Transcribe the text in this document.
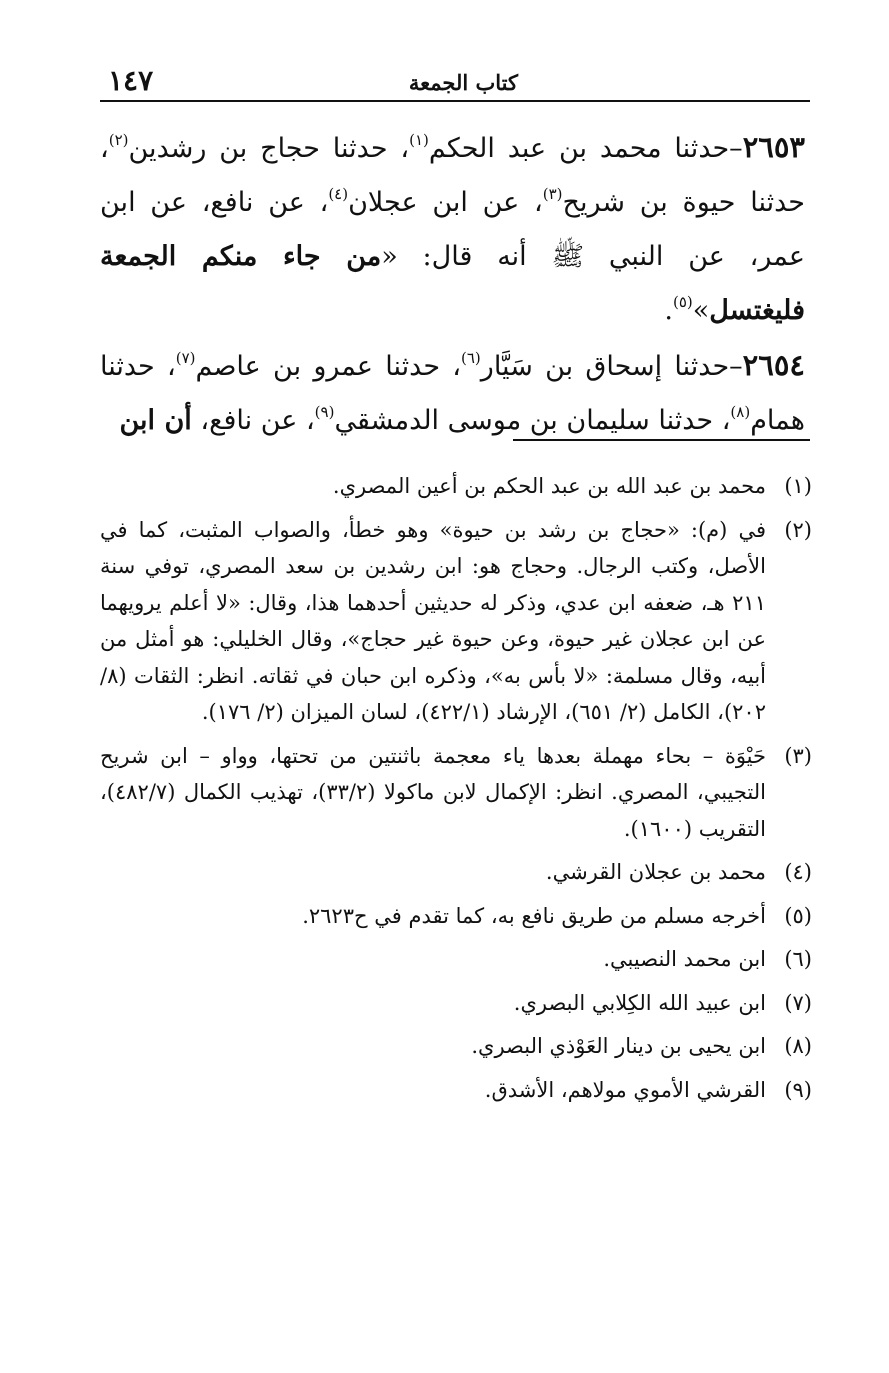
كتاب الجمعة
١٤٧

٢٦٥٣–حدثنا محمد بن عبد الحكم$^{(١)}$، حدثنا حجاج بن رشدين$^{(٢)}$، حدثنا حيوة بن شريح$^{(٣)}$، عن ابن عجلان$^{(٤)}$، عن نافع، عن ابن عمر، عن النبي ﷺ أنه قال: «من جاء منكم الجمعة فليغتسل»$^{(٥)}$.

٢٦٥٤–حدثنا إسحاق بن سَيَّار$^{(٦)}$، حدثنا عمرو بن عاصم$^{(٧)}$، حدثنا همام$^{(٨)}$، حدثنا سليمان بن موسى الدمشقي$^{(٩)}$، عن نافع، أن ابن

(١)
محمد بن عبد الله بن عبد الحكم بن أعين المصري.
(٢)
في (م): «حجاج بن رشد بن حيوة» وهو خطأ، والصواب المثبت، كما في الأصل، وكتب الرجال. وحجاج هو: ابن رشدين بن سعد المصري، توفي سنة ٢١١ هـ، ضعفه ابن عدي، وذكر له حديثين أحدهما هذا، وقال: «لا أعلم يرويهما عن ابن عجلان غير حيوة، وعن حيوة غير حجاج»، وقال الخليلي: هو أمثل من أبيه، وقال مسلمة: «لا بأس به»، وذكره ابن حبان في ثقاته. انظر: الثقات (٨/ ٢٠٢)، الكامل (٢/ ٦٥١)، الإرشاد (٤٢٢/١)، لسان الميزان (٢/ ١٧٦).
(٣)
حَيْوَة – بحاء مهملة بعدها ياء معجمة باثنتين من تحتها، وواو – ابن شريح التجيبي، المصري. انظر: الإكمال لابن ماكولا (٣٣/٢)، تهذيب الكمال (٤٨٢/٧)، التقريب (١٦٠٠).
(٤)
محمد بن عجلان القرشي.
(٥)
أخرجه مسلم من طريق نافع به، كما تقدم في ح٢٦٢٣.
(٦)
ابن محمد النصيبي.
(٧)
ابن عبيد الله الكِلابي البصري.
(٨)
ابن يحيى بن دينار العَوْذي البصري.
(٩)
القرشي الأموي مولاهم، الأشدق.
